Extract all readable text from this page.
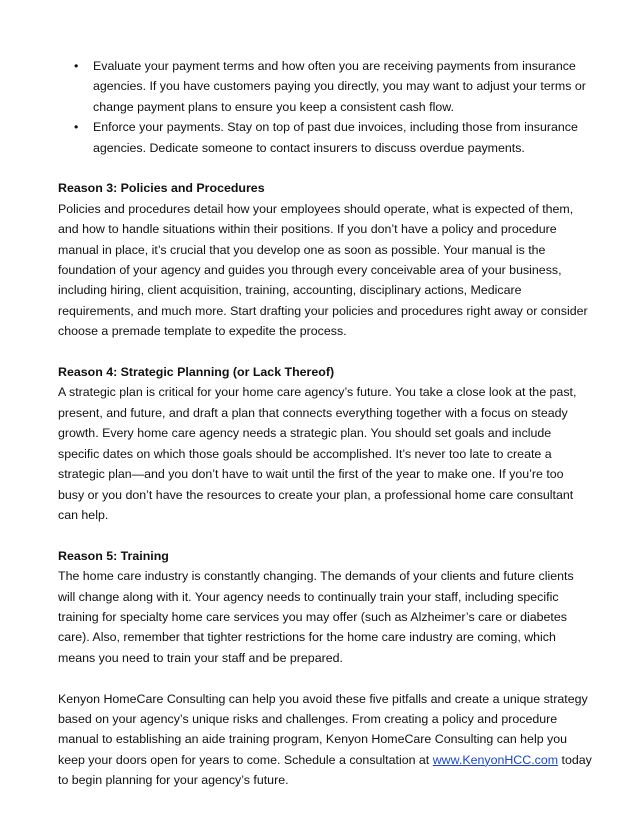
•	Evaluate your payment terms and how often you are receiving payments from insurance agencies. If you have customers paying you directly, you may want to adjust your terms or change payment plans to ensure you keep a consistent cash flow.
•	Enforce your payments. Stay on top of past due invoices, including those from insurance agencies. Dedicate someone to contact insurers to discuss overdue payments.

Reason 3: Policies and Procedures

Policies and procedures detail how your employees should operate, what is expected of them, and how to handle situations within their positions. If you don’t have a policy and procedure manual in place, it’s crucial that you develop one as soon as possible. Your manual is the foundation of your agency and guides you through every conceivable area of your business, including hiring, client acquisition, training, accounting, disciplinary actions, Medicare requirements, and much more. Start drafting your policies and procedures right away or consider choose a premade template to expedite the process.

Reason 4: Strategic Planning (or Lack Thereof)

A strategic plan is critical for your home care agency’s future. You take a close look at the past, present, and future, and draft a plan that connects everything together with a focus on steady growth. Every home care agency needs a strategic plan. You should set goals and include specific dates on which those goals should be accomplished. It’s never too late to create a strategic plan—and you don’t have to wait until the first of the year to make one. If you’re too busy or you don’t have the resources to create your plan, a professional home care consultant can help.

Reason 5: Training

The home care industry is constantly changing. The demands of your clients and future clients will change along with it. Your agency needs to continually train your staff, including specific training for specialty home care services you may offer (such as Alzheimer’s care or diabetes care). Also, remember that tighter restrictions for the home care industry are coming, which means you need to train your staff and be prepared.

Kenyon HomeCare Consulting can help you avoid these five pitfalls and create a unique strategy based on your agency’s unique risks and challenges. From creating a policy and procedure manual to establishing an aide training program, Kenyon HomeCare Consulting can help you keep your doors open for years to come. Schedule a consultation at www.KenyonHCC.com today to begin planning for your agency’s future.
